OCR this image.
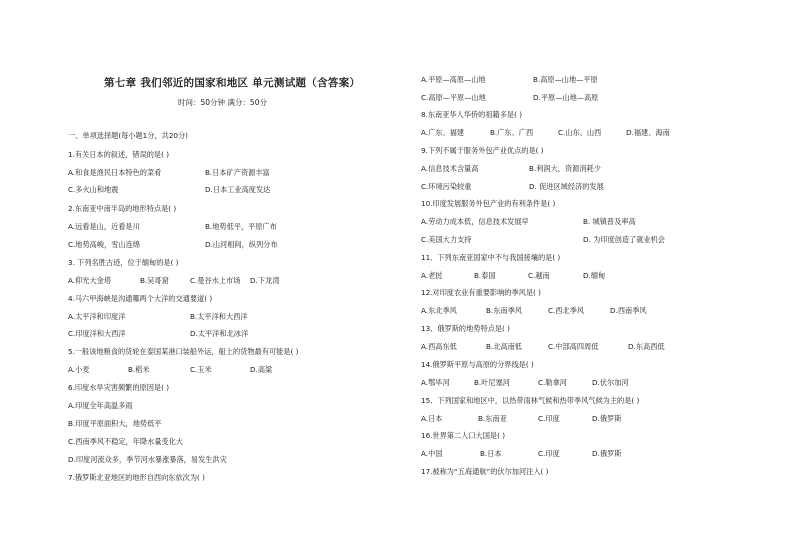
第七章 我们邻近的国家和地区 单元测试题（含答案）
时间：50分钟 满分：50分
一、单项选择题(每小题1分，共20分)
1.有关日本的叙述，错误的是( )
A.和食是渔民日本特色的菜肴	B.日本矿产资源丰富
C.多火山和地震	D.日本工业高度发达
2.东南亚中南半岛的地形特点是( )
A.远看是山，近看是川	B.地势低平，平原广布
C.地势高峻，雪山连绵	D.山河相间，纵列分布
3. 下列名胜古迹，位于缅甸的是( )
A.仰光大金塔	B.吴哥窟	C.曼谷水上市场 D.下龙湾
4.马六甲海峡是沟通哪两个大洋的交通要道( )
A.太平洋和印度洋	B.太平洋和大西洋
C.印度洋和大西洋	D.太平洋和北冰洋
5.一般该地粮食的货轮在泰国某港口装船外运，船上的货物最有可能是( )
A.小麦	B.稻米	C.玉米	D.高粱
6.印度水旱灾害频繁的原因是( )
A.印度全年高温多雨
B.印度平原面积大，地势低平
C.西南季风不稳定，年降水量变化大
D.印度河流众多，季节河水暴涨暴落，易发生洪灾
7.俄罗斯北亚地区的地形自西向东依次为( )
A.平原—高原—山地	B.高原—山地—平原
C.高原—平原—山地	D.平原—山地—高原
8.东南亚华人华侨的祖籍多是( )
A.广东、福建	B.广东、广西	C.山东、山西	D.福建、海南
9.下列不属于服务外包产业优点的是( )
A.信息技术含量高	B.利润大，资源消耗少
C.环境污染较重	D. 促进区域经济的发展
10.印度发展服务外包产业的有利条件是( )
A.劳动力成本低，信息技术发展早	B. 城镇普及率高
C.美国大力支持	D. 为印度创造了就业机会
11、下列东南亚国家中不与我国接壤的是( )
A.老挝	B.泰国	C.越南	D.缅甸
12.对印度农业有重要影响的季风是( )
A.东北季风	B.东南季风	C.西北季风	D.西南季风
13、俄罗斯的地势特点是( )
A.西高东低	B.北高南低	C.中部高四周低	D.东高西低
14.俄罗斯平原与高原的分界线是( )
A.鄂毕河	B.叶尼塞河	C.勒拿河	D.伏尔加河
15、下列国家和地区中，以热带雨林气候和热带季风气候为主的是( )
A.日本	B.东南亚	C.印度	D.俄罗斯
16.世界第二人口大国是( )
A.中国	B.日本	C.印度	D.俄罗斯
17.被称为“五海通航”的伏尔加河注入( )
